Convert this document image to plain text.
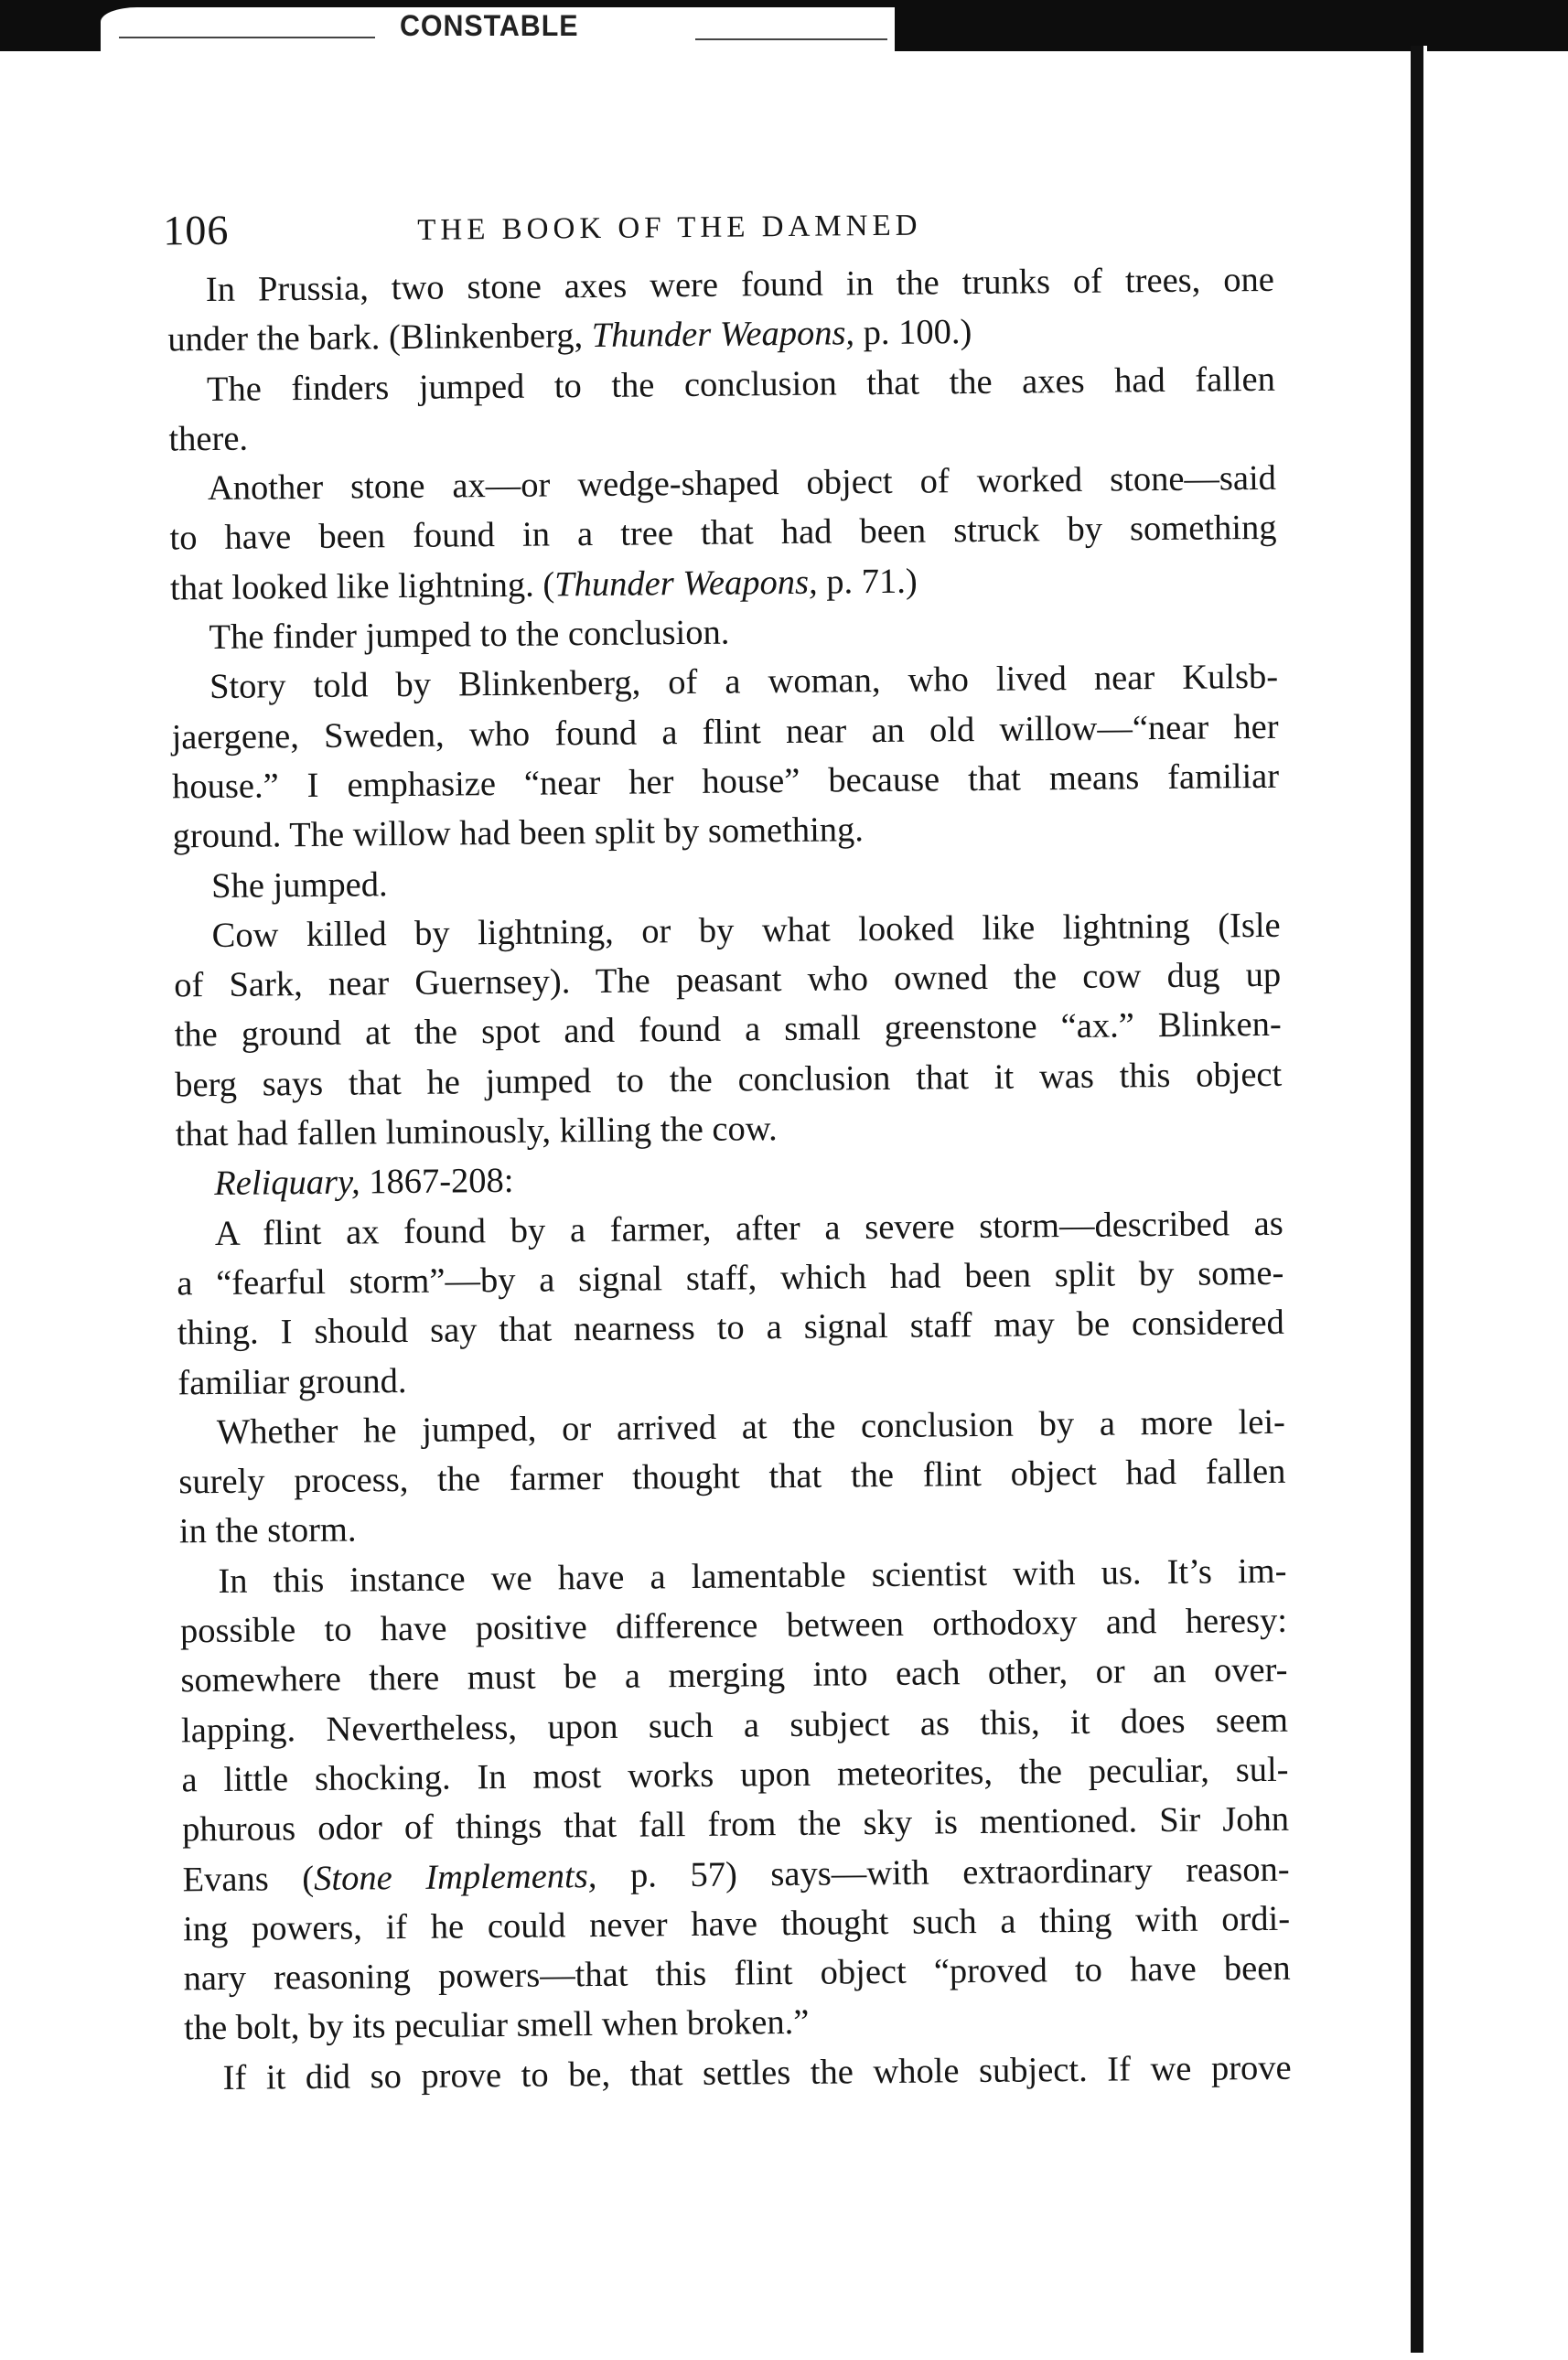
CONSTABLE
106	THE BOOK OF THE DAMNED
In Prussia, two stone axes were found in the trunks of trees, one
under the bark. (Blinkenberg, Thunder Weapons, p. 100.)
The finders jumped to the conclusion that the axes had fallen
there.
Another stone ax—or wedge-shaped object of worked stone—said
to have been found in a tree that had been struck by something
that looked like lightning. (Thunder Weapons, p. 71.)
The finder jumped to the conclusion.
Story told by Blinkenberg, of a woman, who lived near Kulsb-
jaergene, Sweden, who found a flint near an old willow—“near her
house.” I emphasize “near her house” because that means familiar
ground. The willow had been split by something.
She jumped.
Cow killed by lightning, or by what looked like lightning (Isle
of Sark, near Guernsey). The peasant who owned the cow dug up
the ground at the spot and found a small greenstone “ax.” Blinken-
berg says that he jumped to the conclusion that it was this object
that had fallen luminously, killing the cow.
Reliquary, 1867-208:
A flint ax found by a farmer, after a severe storm—described as
a “fearful storm”—by a signal staff, which had been split by some-
thing. I should say that nearness to a signal staff may be considered
familiar ground.
Whether he jumped, or arrived at the conclusion by a more lei-
surely process, the farmer thought that the flint object had fallen
in the storm.
In this instance we have a lamentable scientist with us. It’s im-
possible to have positive difference between orthodoxy and heresy:
somewhere there must be a merging into each other, or an over-
lapping. Nevertheless, upon such a subject as this, it does seem
a little shocking. In most works upon meteorites, the peculiar, sul-
phurous odor of things that fall from the sky is mentioned. Sir John
Evans (Stone Implements, p. 57) says—with extraordinary reason-
ing powers, if he could never have thought such a thing with ordi-
nary reasoning powers—that this flint object “proved to have been
the bolt, by its peculiar smell when broken.”
If it did so prove to be, that settles the whole subject. If we prove
